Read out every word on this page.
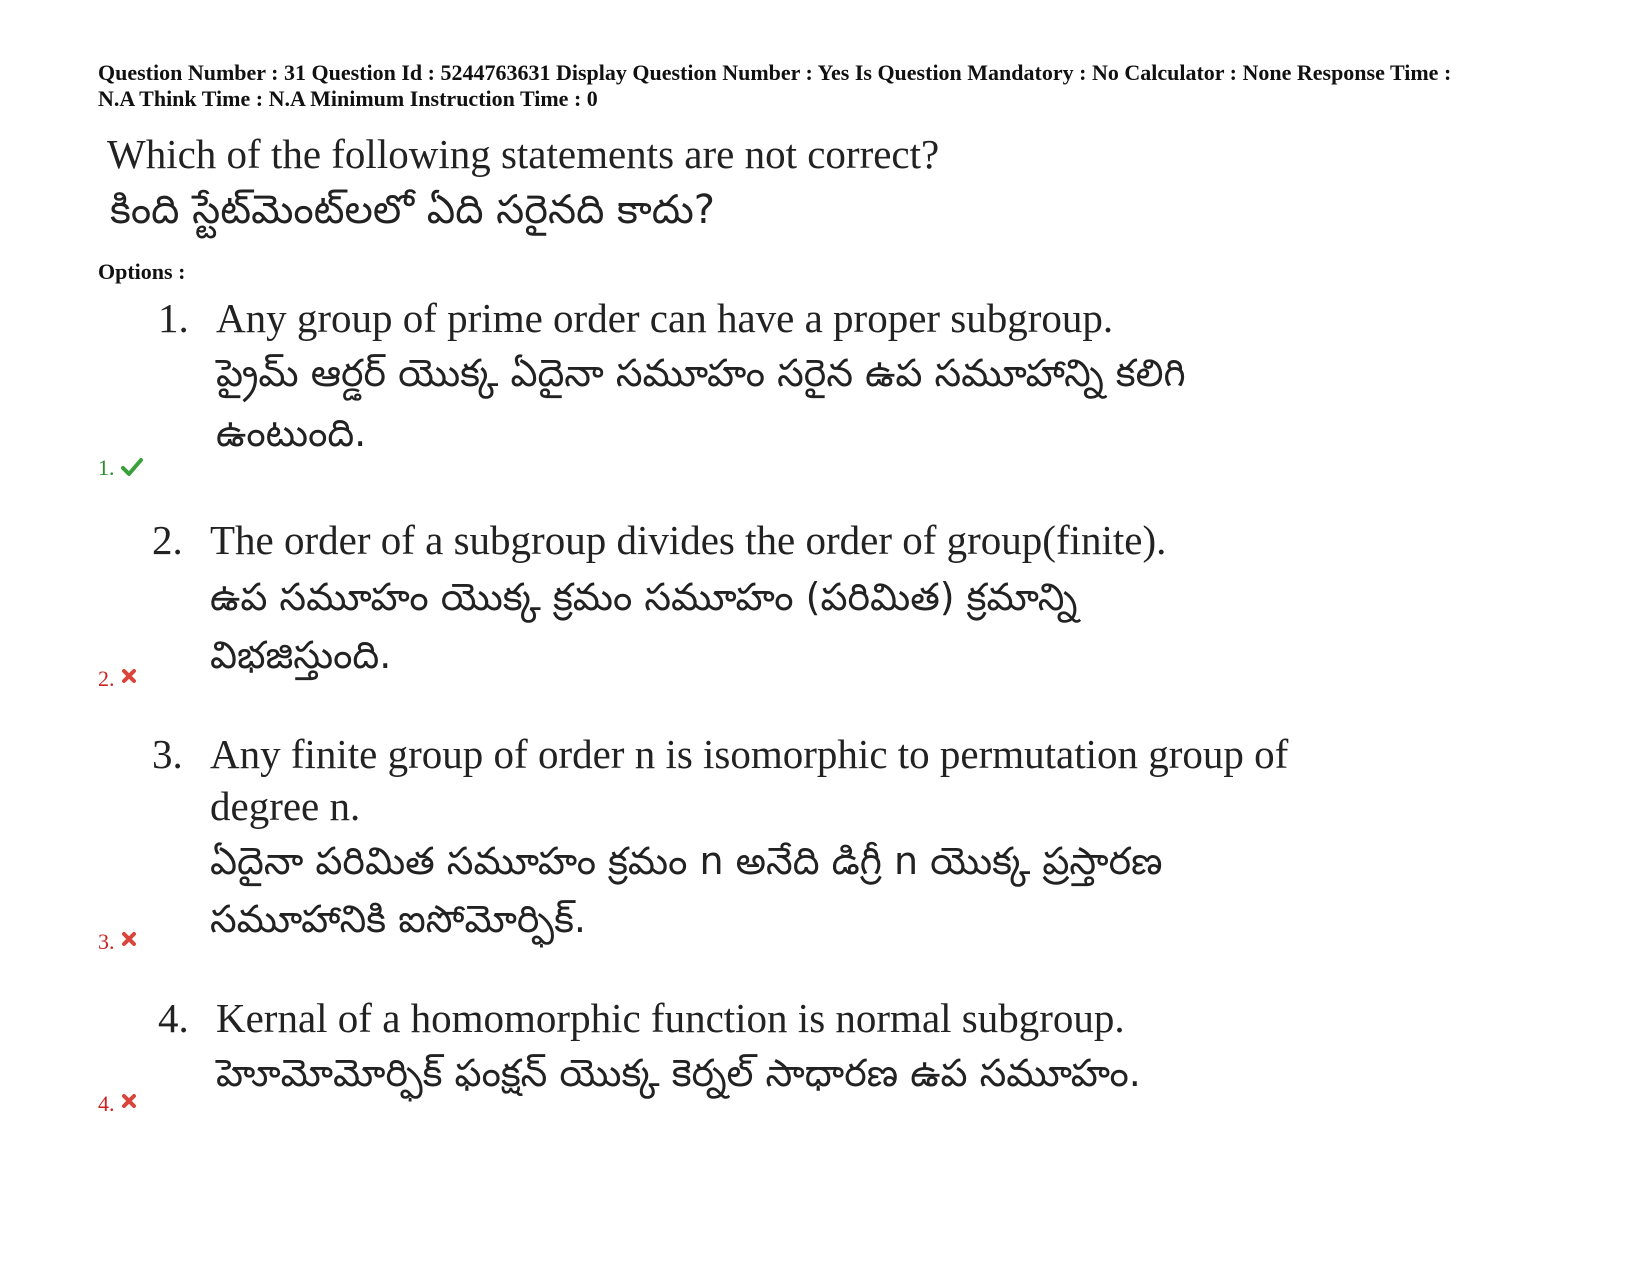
Question Number : 31 Question Id : 5244763631 Display Question Number : Yes Is Question Mandatory : No Calculator : None Response Time :
N.A Think Time : N.A Minimum Instruction Time : 0
Which of the following statements are not correct?
కింది స్టేట్‌మెంట్‌లలో ఏది సరైనది కాదు?
Options :
1. Any group of prime order can have a proper subgroup.
ప్రైమ్ ఆర్డర్ యొక్క ఏదైనా సమూహం సరైన ఉప సమూహాన్ని కలిగి
ఉంటుంది.
1.
2. The order of a subgroup divides the order of group(finite).
ఉప సమూహం యొక్క క్రమం సమూహం (పరిమిత) క్రమాన్ని
విభజిస్తుంది.
2.
3. Any finite group of order n is isomorphic to permutation group of
degree n.
ఏదైనా పరిమిత సమూహం క్రమం n అనేది డిగ్రీ n యొక్క ప్రస్తారణ
సమూహానికి ఐసోమోర్ఫిక్.
3.
4. Kernal of a homomorphic function is normal subgroup.
హెూమోమోర్ఫిక్ ఫంక్షన్ యొక్క కెర్నల్ సాధారణ ఉప సమూహం.
4.
